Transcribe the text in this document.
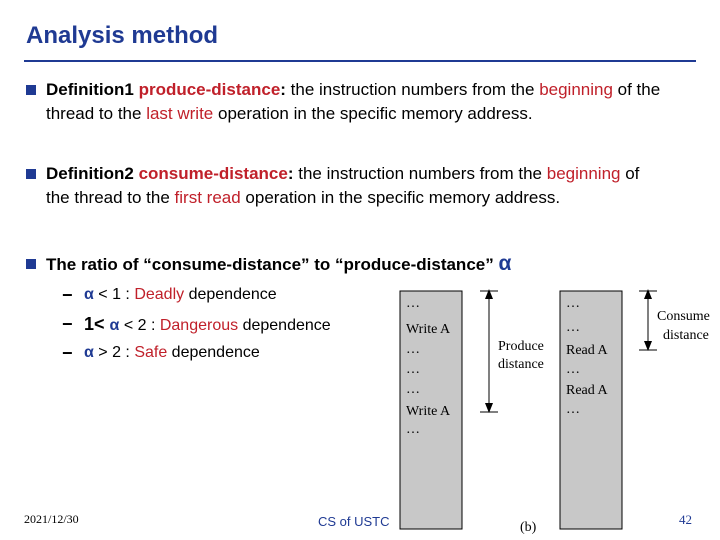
Analysis method
Definition1 produce-distance: the instruction numbers from the beginning of the thread to the last write operation in the specific memory address.
Definition2 consume-distance: the instruction numbers from the beginning of the thread to the first read operation in the specific memory address.
The ratio of “consume-distance” to “produce-distance” α
− α < 1 : Deadly dependence
− 1< α < 2 : Dangerous dependence
− α > 2 : Safe dependence
…
Write A
…
…
…
Write A
…
…
…
Read A
…
Read A
…
Produce
distance
Consume
distance
(b)
2021/12/30	CS of USTC	42
